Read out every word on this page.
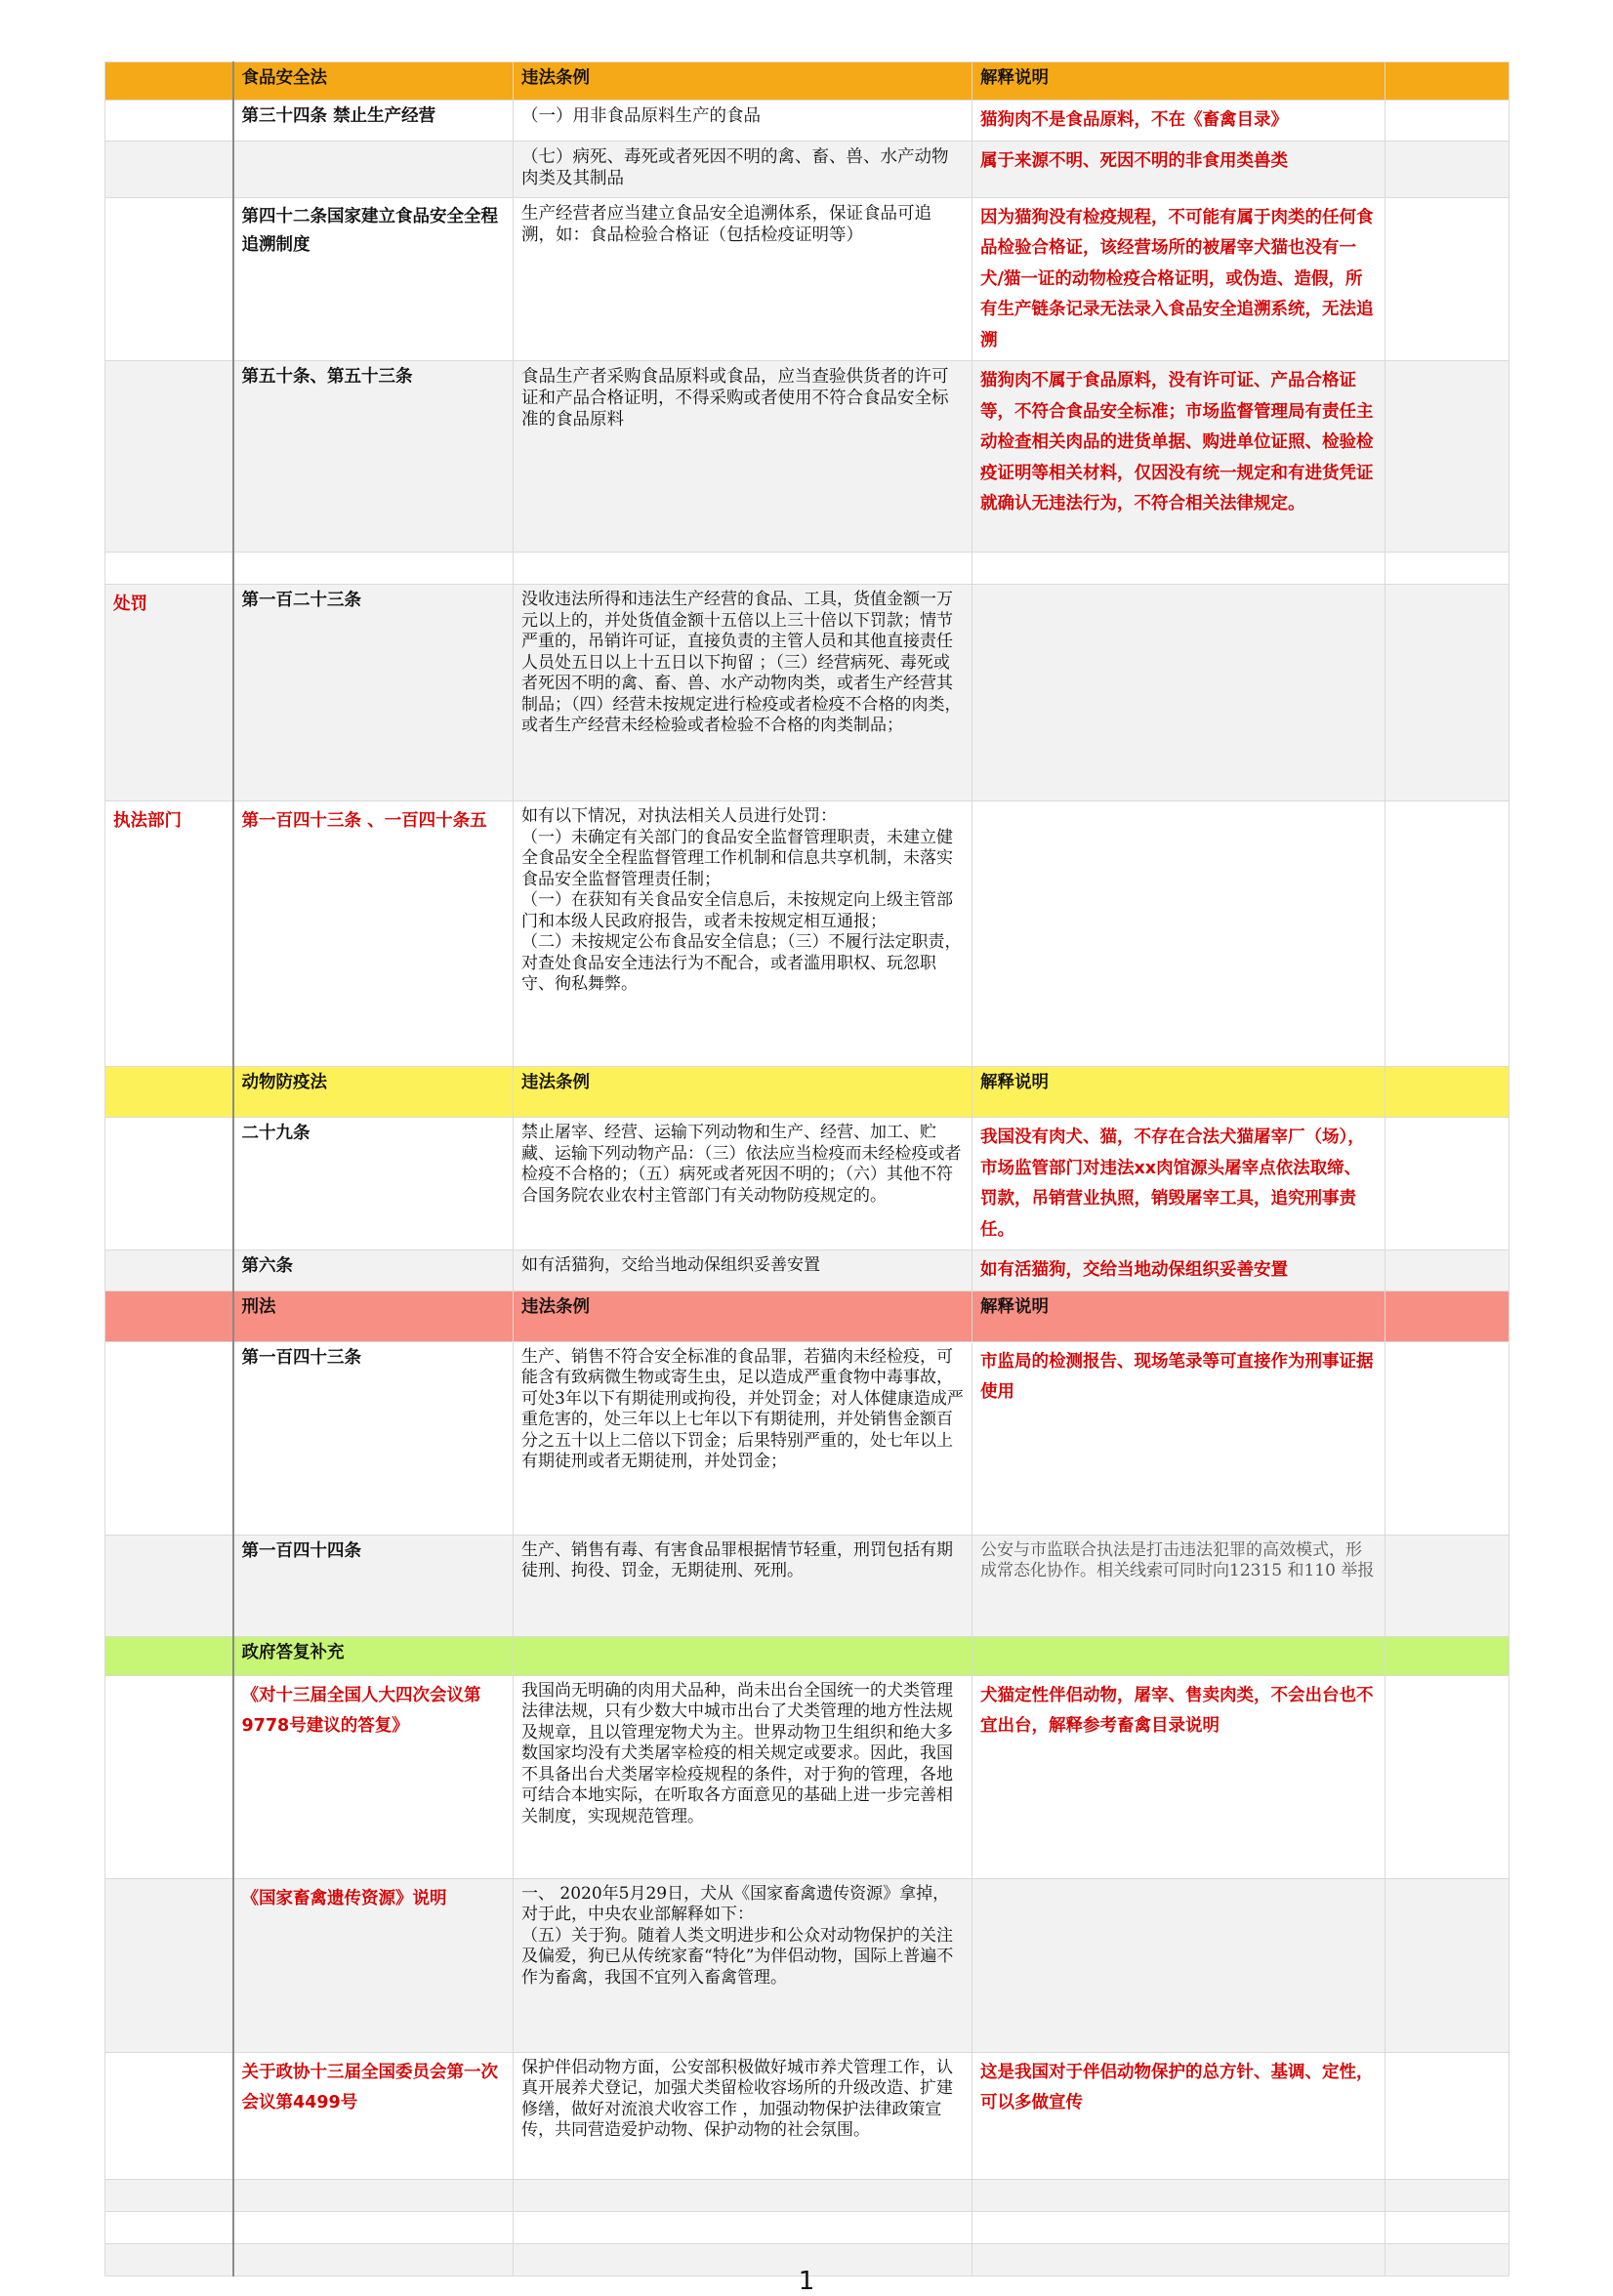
	食品安全法	违法条例	解释说明	
	第三十四条 禁止生产经营	（一）用非食品原料生产的食品	猫狗肉不是食品原料，不在《畜禽目录》	
		（七）病死、毒死或者死因不明的禽、畜、兽、水产动物肉类及其制品	属于来源不明、死因不明的非食用类兽类	
	第四十二条国家建立食品安全全程追溯制度	生产经营者应当建立食品安全追溯体系，保证食品可追溯，如：食品检验合格证（包括检疫证明等）	因为猫狗没有检疫规程，不可能有属于肉类的任何食品检验合格证，该经营场所的被屠宰犬猫也没有一犬/猫一证的动物检疫合格证明，或伪造、造假，所有生产链条记录无法录入食品安全追溯系统，无法追溯	
	第五十条、第五十三条	食品生产者采购食品原料或食品，应当查验供货者的许可证和产品合格证明，不得采购或者使用不符合食品安全标准的食品原料	猫狗肉不属于食品原料，没有许可证、产品合格证等，不符合食品安全标准；市场监督管理局有责任主动检查相关肉品的进货单据、购进单位证照、检验检疫证明等相关材料，仅因没有统一规定和有进货凭证就确认无违法行为，不符合相关法律规定。	

处罚	第一百二十三条	没收违法所得和违法生产经营的食品、工具，货值金额一万元以上的，并处货值金额十五倍以上三十倍以下罚款；情节严重的，吊销许可证，直接负责的主管人员和其他直接责任人员处五日以上十五日以下拘留 ；（三）经营病死、毒死或者死因不明的禽、畜、兽、水产动物肉类，或者生产经营其制品；（四）经营未按规定进行检疫或者检疫不合格的肉类，或者生产经营未经检验或者检验不合格的肉类制品；		
执法部门	第一百四十三条 、一百四十条五	如有以下情况，对执法相关人员进行处罚：
（一）未确定有关部门的食品安全监督管理职责，未建立健全食品安全全程监督管理工作机制和信息共享机制，未落实食品安全监督管理责任制；
（一）在获知有关食品安全信息后，未按规定向上级主管部门和本级人民政府报告，或者未按规定相互通报；
（二）未按规定公布食品安全信息；（三）不履行法定职责，对查处食品安全违法行为不配合，或者滥用职权、玩忽职守、徇私舞弊。		
	动物防疫法	违法条例	解释说明	
	二十九条	禁止屠宰、经营、运输下列动物和生产、经营、加工、贮藏、运输下列动物产品：（三）依法应当检疫而未经检疫或者检疫不合格的；（五）病死或者死因不明的；（六）其他不符合国务院农业农村主管部门有关动物防疫规定的。	我国没有肉犬、猫，不存在合法犬猫屠宰厂（场），市场监管部门对违法xx肉馆源头屠宰点依法取缔、罚款，吊销营业执照，销毁屠宰工具，追究刑事责任。	
	第六条	如有活猫狗，交给当地动保组织妥善安置	如有活猫狗，交给当地动保组织妥善安置	
	刑法	违法条例	解释说明	
	第一百四十三条	生产、销售不符合安全标准的食品罪，若猫肉未经检疫，可能含有致病微生物或寄生虫，足以造成严重食物中毒事故，可处3年以下有期徒刑或拘役，并处罚金；对人体健康造成严重危害的，处三年以上七年以下有期徒刑，并处销售金额百分之五十以上二倍以下罚金；后果特别严重的，处七年以上有期徒刑或者无期徒刑，并处罚金；	市监局的检测报告、现场笔录等可直接作为刑事证据使用	
	第一百四十四条	生产、销售有毒、有害食品罪根据情节轻重，刑罚包括有期徒刑、拘役、罚金，无期徒刑、死刑。	公安与市监联合执法是打击违法犯罪的高效模式，形成常态化协作。相关线索可同时向12315 和110 举报	
	政府答复补充			
	《对十三届全国人大四次会议第9778号建议的答复》	我国尚无明确的肉用犬品种，尚未出台全国统一的犬类管理法律法规，只有少数大中城市出台了犬类管理的地方性法规及规章，且以管理宠物犬为主。世界动物卫生组织和绝大多数国家均没有犬类屠宰检疫的相关规定或要求。因此，我国不具备出台犬类屠宰检疫规程的条件，对于狗的管理，各地可结合本地实际，在听取各方面意见的基础上进一步完善相关制度，实现规范管理。	犬猫定性伴侣动物，屠宰、售卖肉类，不会出台也不宜出台，解释参考畜禽目录说明	
	《国家畜禽遗传资源》说明	一、 2020年5月29日，犬从《国家畜禽遗传资源》拿掉，对于此，中央农业部解释如下：
（五）关于狗。随着人类文明进步和公众对动物保护的关注及偏爱，狗已从传统家畜“特化”为伴侣动物，国际上普遍不作为畜禽，我国不宜列入畜禽管理。		
	关于政协十三届全国委员会第一次会议第4499号	保护伴侣动物方面，公安部积极做好城市养犬管理工作，认真开展养犬登记，加强犬类留检收容场所的升级改造、扩建修缮，做好对流浪犬收容工作 ，加强动物保护法律政策宣传，共同营造爱护动物、保护动物的社会氛围。	这是我国对于伴侣动物保护的总方针、基调、定性，可以多做宣传	

1
